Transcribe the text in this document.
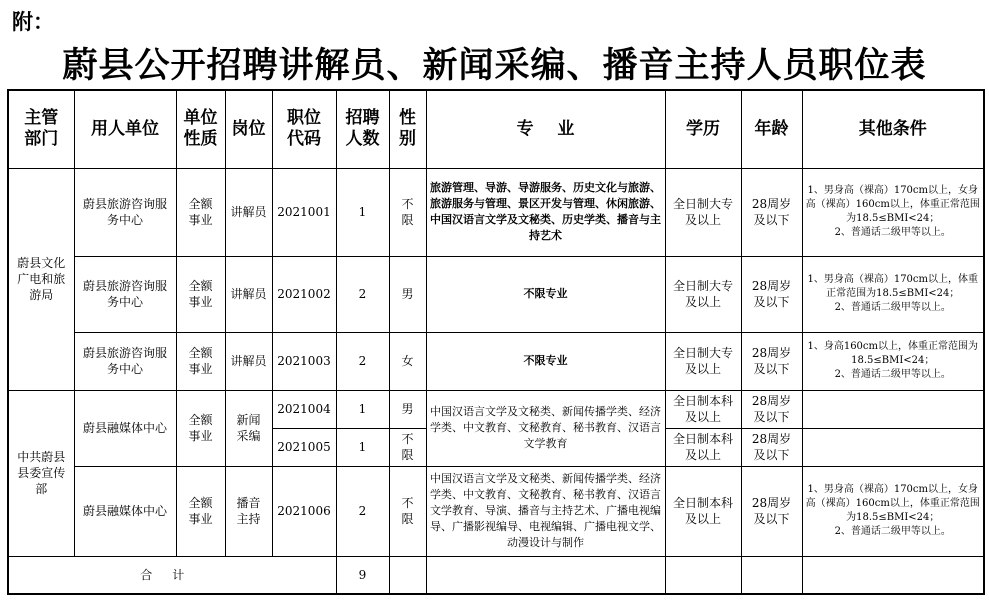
附：
蔚县公开招聘讲解员、新闻采编、播音主持人员职位表
主管部门	用人单位	单位性质	岗位	职位代码	招聘人数	性别	专    业	学历	年龄	其他条件

蔚县文化广电和旅游局	蔚县旅游咨询服务中心	全额事业	讲解员	2021001	1	不限	旅游管理、导游、导游服务、历史文化与旅游、旅游服务与管理、景区开发与管理、休闲旅游、中国汉语言文学及文秘类、历史学类、播音与主持艺术	全日制大专及以上	28周岁及以下	1、男身高（裸高）170cm以上，女身高（裸高）160cm以上，体重正常范围为18.5≤BMI<24；
2、普通话二级甲等以上。

	蔚县旅游咨询服务中心	全额事业	讲解员	2021002	2	男	不限专业	全日制大专及以上	28周岁及以下	1、男身高（裸高）170cm以上，体重正常范围为18.5≤BMI<24；
2、普通话二级甲等以上。

	蔚县旅游咨询服务中心	全额事业	讲解员	2021003	2	女	不限专业	全日制大专及以上	28周岁及以下	1、身高160cm以上，体重正常范围为18.5≤BMI<24；
2、普通话二级甲等以上。

中共蔚县县委宣传部	蔚县融媒体中心	全额事业	新闻采编	2021004	1	男	中国汉语言文学及文秘类、新闻传播学类、经济学类、中文教育、文秘教育、秘书教育、汉语言文学教育	全日制本科及以上	28周岁及以下	

				2021005	1	不限		全日制本科及以上	28周岁及以下	

	蔚县融媒体中心	全额事业	播音主持	2021006	2	不限	中国汉语言文学及文秘类、新闻传播学类、经济学类、中文教育、文秘教育、秘书教育、汉语言文学教育、导演、播音与主持艺术、广播电视编导、广播影视编导、电视编辑、广播电视文学、动漫设计与制作	全日制本科及以上	28周岁及以下	1、男身高（裸高）170cm以上，女身高（裸高）160cm以上，体重正常范围为18.5≤BMI<24；
2、普通话二级甲等以上。
合计					9					
